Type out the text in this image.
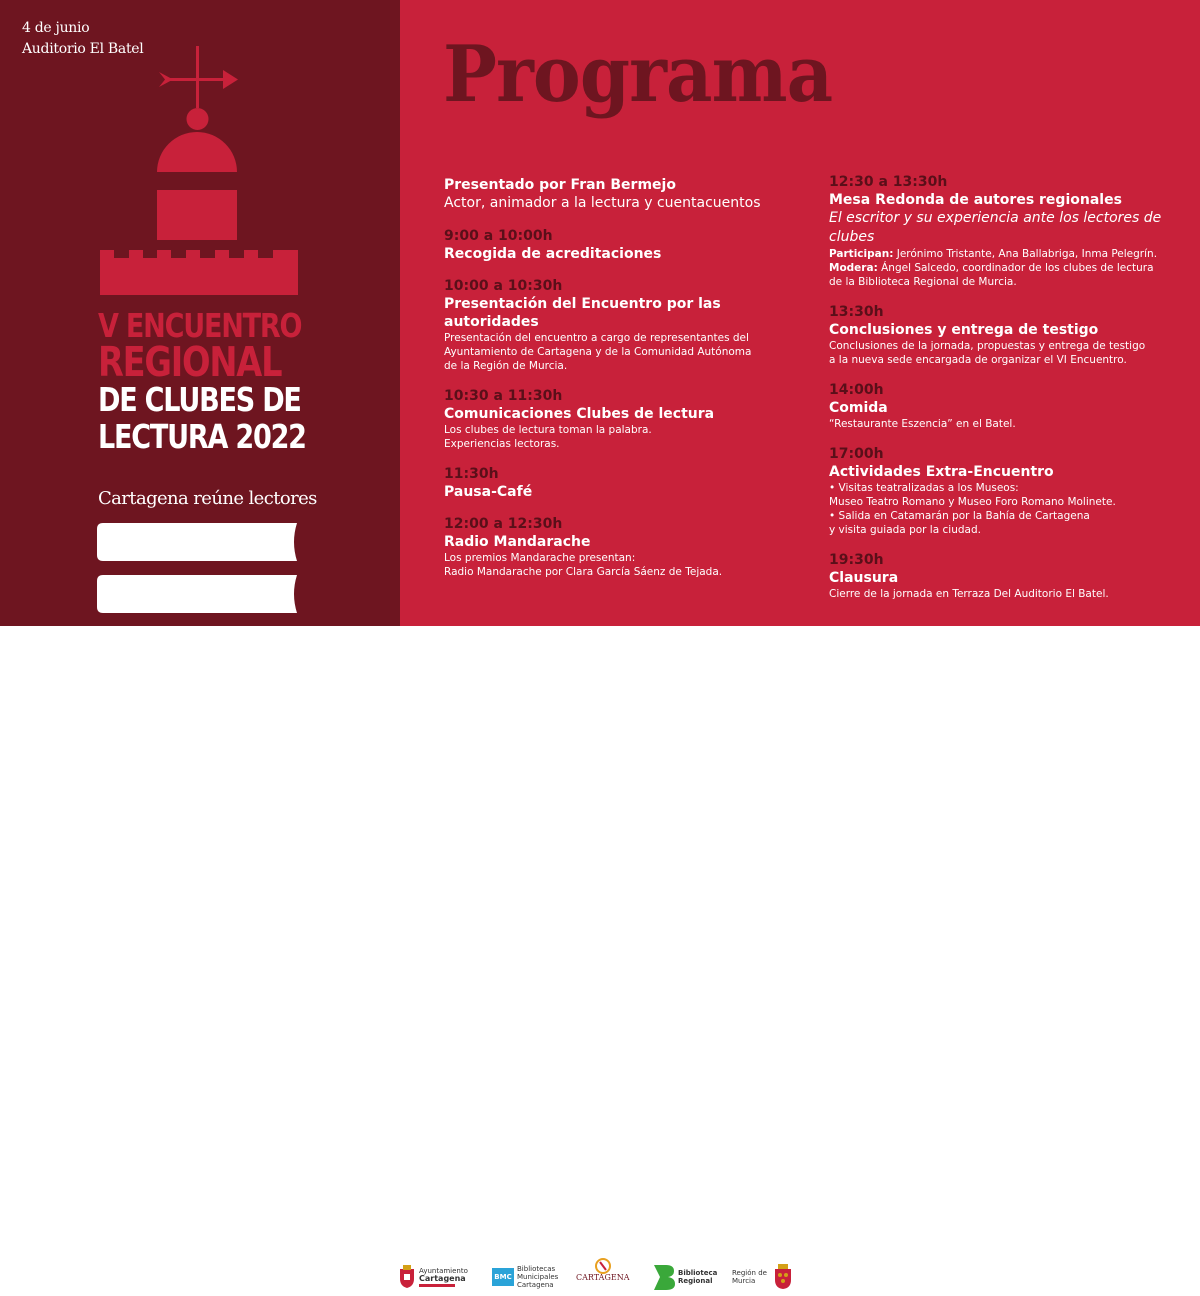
4 de junio
Auditorio El Batel
V ENCUENTRO
REGIONAL
DE CLUBES DE
LECTURA 2022
Cartagena reúne lectores
Programa
Presentado por Fran Bermejo
Actor, animador a la lectura y cuentacuentos
9:00 a 10:00h
Recogida de acreditaciones
10:00 a 10:30h
Presentación del Encuentro por las autoridades
Presentación del encuentro a cargo de representantes del
Ayuntamiento de Cartagena y de la Comunidad Autónoma
de la Región de Murcia.
10:30 a 11:30h
Comunicaciones Clubes de lectura
Los clubes de lectura toman la palabra.
Experiencias lectoras.
11:30h
Pausa-Café
12:00 a 12:30h
Radio Mandarache
Los premios Mandarache presentan:
Radio Mandarache por Clara García Sáenz de Tejada.
12:30 a 13:30h
Mesa Redonda de autores regionales
El escritor y su experiencia ante los lectores de clubes
Participan: Jerónimo Tristante, Ana Ballabriga, Inma Pelegrín.
Modera: Ángel Salcedo, coordinador de los clubes de lectura
de la Biblioteca Regional de Murcia.
13:30h
Conclusiones y entrega de testigo
Conclusiones de la jornada, propuestas y entrega de testigo
a la nueva sede encargada de organizar el VI Encuentro.
14:00h
Comida
“Restaurante Eszencia” en el Batel.
17:00h
Actividades Extra-Encuentro
• Visitas teatralizadas a los Museos:
Museo Teatro Romano y Museo Foro Romano Molinete.
• Salida en Catamarán por la Bahía de Cartagena
y visita guiada por la ciudad.
19:30h
Clausura
Cierre de la jornada en Terraza Del Auditorio El Batel.
Ayuntamiento
Cartagena	BMC
Bibliotecas
Municipales
Cartagena
CARTAGENA	Biblioteca
Regional
Región de Murcia
